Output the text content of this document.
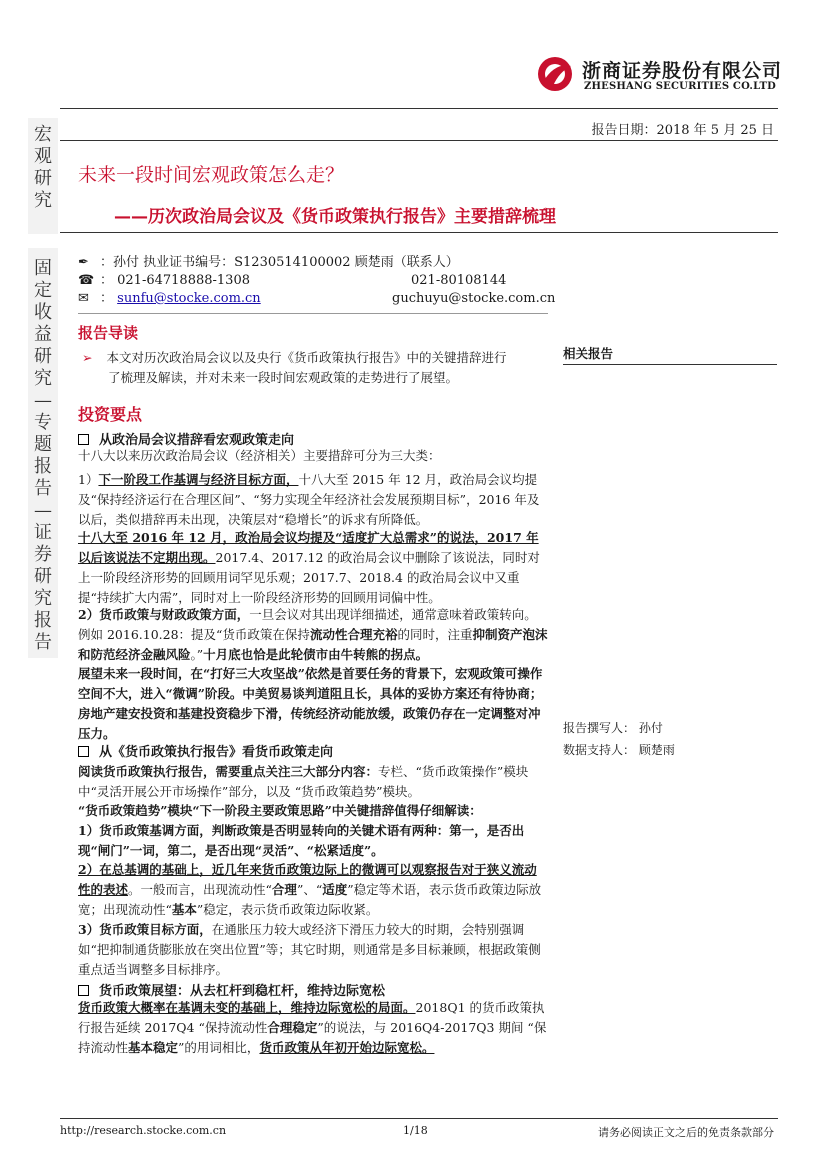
浙商证券股份有限公司
ZHESHANG SECURITIES CO.LTD
报告日期：2018 年 5 月 25 日
宏
观
研
究
固
定
收
益
研
究
—
专
题
报
告
—
证
券
研
究
报
告
未来一段时间宏观政策怎么走？
——历次政治局会议及《货币政策执行报告》主要措辞梳理
✒ ：孙付 执业证书编号：S1230514100002 顾楚雨（联系人）
☎ ： 021-64718888-1308	021-80108144
✉ ： sunfu@stocke.com.cn	guchuyu@stocke.com.cn
报告导读
➢ 本文对历次政治局会议以及央行《货币政策执行报告》中的关键措辞进行
了梳理及解读，并对未来一段时间宏观政策的走势进行了展望。
投资要点
从政治局会议措辞看宏观政策走向
十八大以来历次政治局会议（经济相关）主要措辞可分为三大类：
1）下一阶段工作基调与经济目标方面，十八大至 2015 年 12 月，政治局会议均提及“保持经济运行在合理区间”、“努力实现全年经济社会发展预期目标”，2016 年及以后，类似措辞再未出现，决策层对“稳增长”的诉求有所降低。
十八大至 2016 年 12 月，政治局会议均提及“适度扩大总需求”的说法，2017 年以后该说法不定期出现。2017.4、2017.12 的政治局会议中删除了该说法，同时对上一阶段经济形势的回顾用词罕见乐观；2017.7、2018.4 的政治局会议中又重提“持续扩大内需”，同时对上一阶段经济形势的回顾用词偏中性。
2）货币政策与财政政策方面，一旦会议对其出现详细描述，通常意味着政策转向。例如 2016.10.28：提及“货币政策在保持流动性合理充裕的同时，注重抑制资产泡沫和防范经济金融风险。”十月底也恰是此轮债市由牛转熊的拐点。
展望未来一段时间，在“打好三大攻坚战”依然是首要任务的背景下，宏观政策可操作空间不大，进入“微调”阶段。中美贸易谈判道阻且长，具体的妥协方案还有待协商；房地产建安投资和基建投资稳步下滑，传统经济动能放缓，政策仍存在一定调整对冲压力。
从《货币政策执行报告》看货币政策走向
阅读货币政策执行报告，需要重点关注三大部分内容：专栏、“货币政策操作”模块中“灵活开展公开市场操作”部分，以及 “货币政策趋势”模块。
“货币政策趋势”模块“下一阶段主要政策思路”中关键措辞值得仔细解读：
1）货币政策基调方面，判断政策是否明显转向的关键术语有两种：第一，是否出现“闸门”一词，第二，是否出现“灵活”、“松紧适度”。
2）在总基调的基础上，近几年来货币政策边际上的微调可以观察报告对于狭义流动性的表述。一般而言，出现流动性“合理”、“适度”稳定等术语，表示货币政策边际放宽；出现流动性“基本”稳定，表示货币政策边际收紧。
3）货币政策目标方面，在通胀压力较大或经济下滑压力较大的时期，会特别强调如“把抑制通货膨胀放在突出位置”等；其它时期，则通常是多目标兼顾，根据政策侧重点适当调整多目标排序。
货币政策展望：从去杠杆到稳杠杆，维持边际宽松
货币政策大概率在基调未变的基础上，维持边际宽松的局面。2018Q1 的货币政策执行报告延续 2017Q4 “保持流动性合理稳定”的说法，与 2016Q4-2017Q3 期间 “保持流动性基本稳定”的用词相比，货币政策从年初开始边际宽松。
相关报告
报告撰写人： 孙付
数据支持人： 顾楚雨
http://research.stocke.com.cn	1/18	请务必阅读正文之后的免责条款部分
